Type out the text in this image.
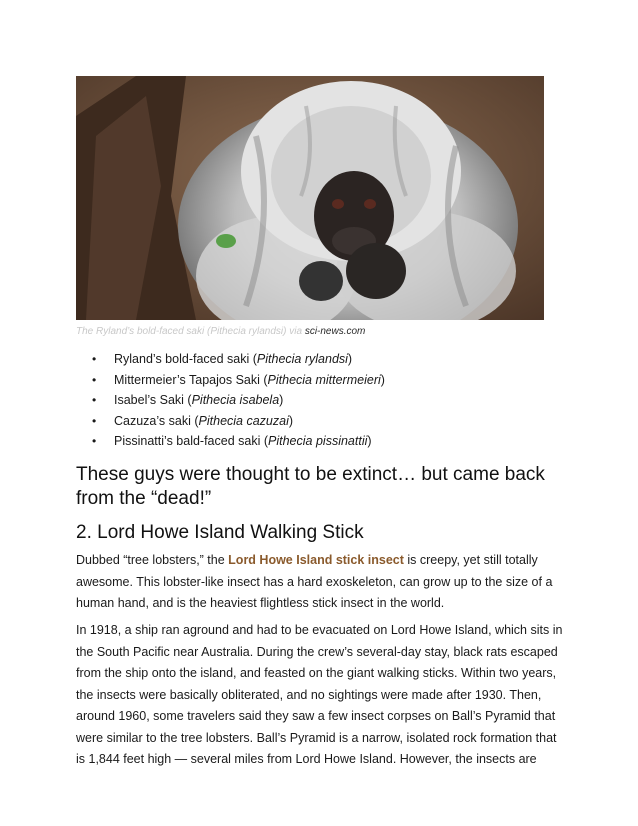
The Ryland’s bold-faced saki (Pithecia rylandsi) via sci-news.com
• Ryland’s bold-faced saki (Pithecia rylandsi)
• Mittermeier’s Tapajos Saki (Pithecia mittermeieri)
• Isabel’s Saki (Pithecia isabela)
• Cazuza’s saki (Pithecia cazuzai)
• Pissinatti’s bald-faced saki (Pithecia pissinattii)
These guys were thought to be extinct… but came back from the “dead!”
2. Lord Howe Island Walking Stick

Dubbed “tree lobsters,” the Lord Howe Island stick insect is creepy, yet still totally awesome. This lobster-like insect has a hard exoskeleton, can grow up to the size of a human hand, and is the heaviest flightless stick insect in the world.

In 1918, a ship ran aground and had to be evacuated on Lord Howe Island, which sits in the South Pacific near Australia. During the crew’s several-day stay, black rats escaped from the ship onto the island, and feasted on the giant walking sticks. Within two years, the insects were basically obliterated, and no sightings were made after 1930. Then, around 1960, some travelers said they saw a few insect corpses on Ball’s Pyramid that were similar to the tree lobsters. Ball’s Pyramid is a narrow, isolated rock formation that is 1,844 feet high — several miles from Lord Howe Island. However, the insects are
